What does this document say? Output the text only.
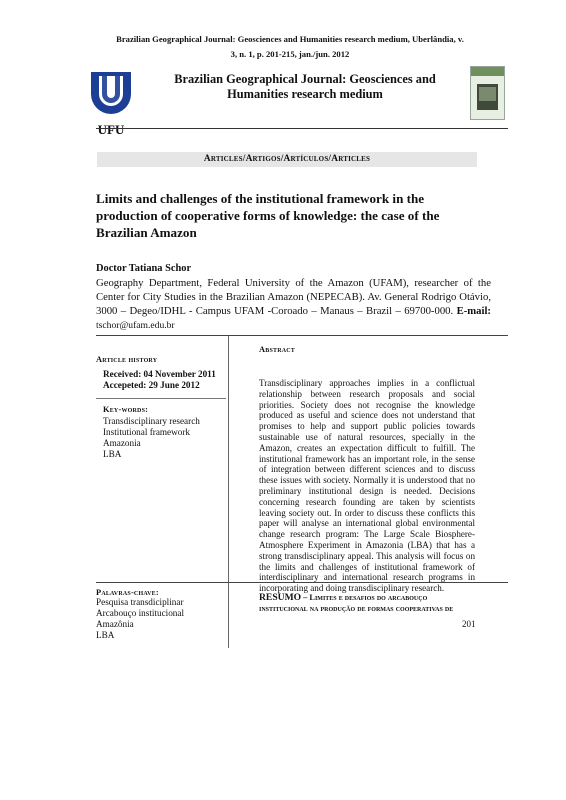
Brazilian Geographical Journal: Geosciences and Humanities research medium, Uberlândia, v.
3, n. 1, p. 201-215, jan./jun. 2012
UFU
Brazilian Geographical Journal: Geosciences and
Humanities research medium
Articles/Artigos/Artículos/Articles
Limits and challenges of the institutional framework in the production of cooperative forms of knowledge: the case of the Brazilian Amazon
Doctor Tatiana Schor
Geography Department, Federal University of the Amazon (UFAM), researcher of the Center for City Studies in the Brazilian Amazon (NEPECAB). Av. General Rodrigo Otávio, 3000 – Degeo/IDHL - Campus UFAM -Coroado – Manaus – Brazil – 69700-000. E-mail: tschor@ufam.edu.br
Article history
Received: 04 November 2011
Accepeted: 29 June 2012
Key-words:
Transdisciplinary research
Institutional framework
Amazonia
LBA
Abstract
Transdisciplinary approaches implies in a conflictual relationship between research proposals and social priorities. Society does not recognise the knowledge produced as useful and science does not understand that promises to help and support public policies towards sustainable use of natural resources, specially in the Amazon, creates an expectation difficult to fulfill. The institutional framework has an important role, in the sense of integration between different sciences and to discuss these issues with society. Normally it is understood that no preliminary institutional design is needed. Decisions concerning research founding are taken by scientists leaving society out. In order to discuss these conflicts this paper will analyse an international global environmental change research program: The Large Scale Biosphere-Atmosphere Experiment in Amazonia (LBA) that has a strong transdisciplinary appeal. This analysis will focus on the limits and challenges of institutional framework of interdisciplinary and international research programs in incorporating and doing transdisciplinary research.
Palavras-chave:
Pesquisa transdiciplinar
Arcabouço institucional
Amazônia
LBA
RESUMO – Limites e desafios do arcabouço institucional na produção de formas cooperativas de
201
